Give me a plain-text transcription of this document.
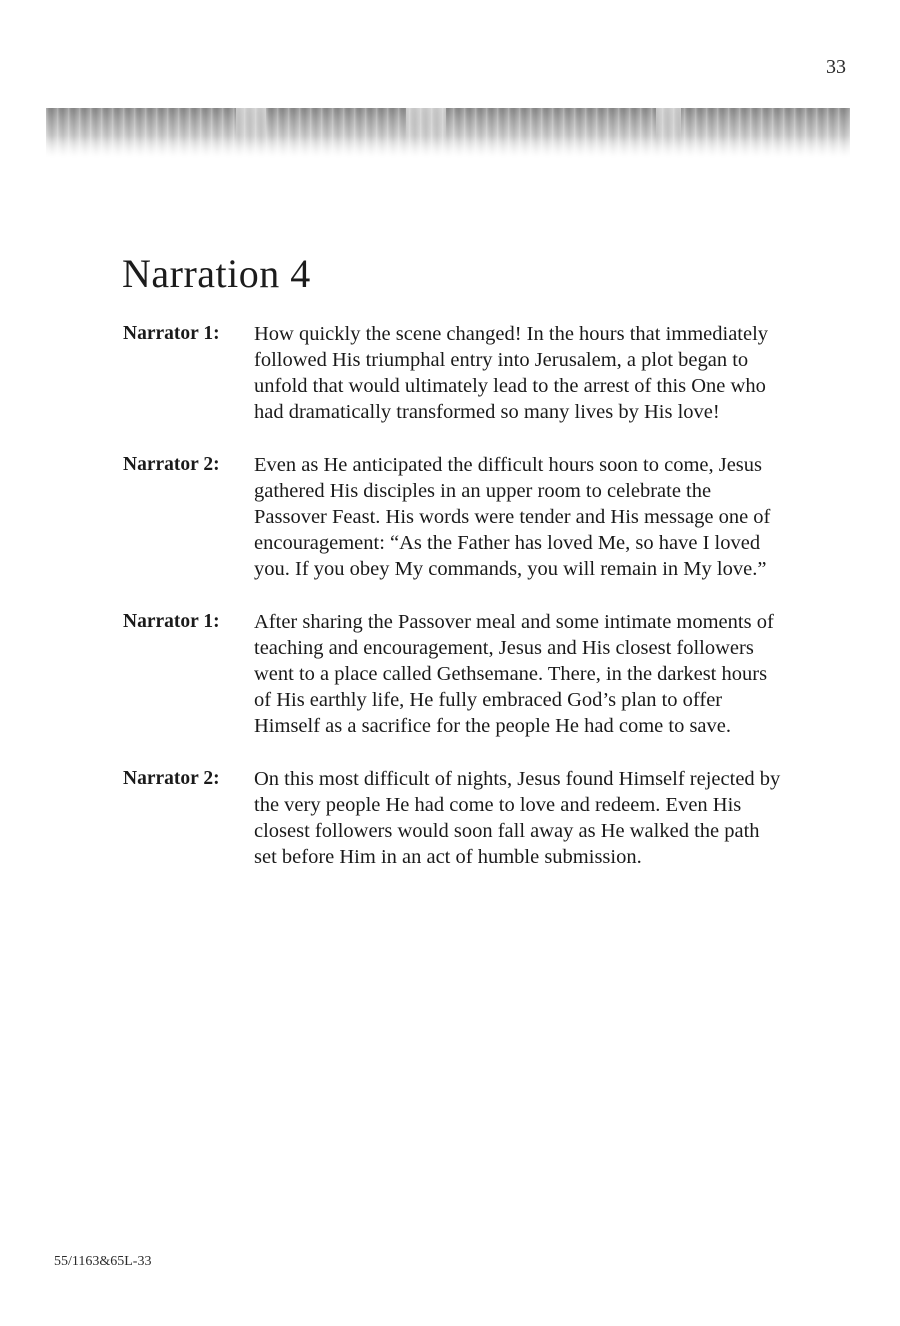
33
Narration 4
Narrator 1: How quickly the scene changed! In the hours that immediately followed His triumphal entry into Jerusalem, a plot began to unfold that would ultimately lead to the arrest of this One who had dramatically transformed so many lives by His love!
Narrator 2: Even as He anticipated the difficult hours soon to come, Jesus gathered His disciples in an upper room to celebrate the Passover Feast. His words were tender and His message one of encouragement: “As the Father has loved Me, so have I loved you. If you obey My commands, you will remain in My love.”
Narrator 1: After sharing the Passover meal and some intimate moments of teaching and encouragement, Jesus and His closest followers went to a place called Gethsemane. There, in the darkest hours of His earthly life, He fully embraced God’s plan to offer Himself as a sacrifice for the people He had come to save.
Narrator 2: On this most difficult of nights, Jesus found Himself rejected by the very people He had come to love and redeem. Even His closest followers would soon fall away as He walked the path set before Him in an act of humble submission.
55/1163&65L-33
